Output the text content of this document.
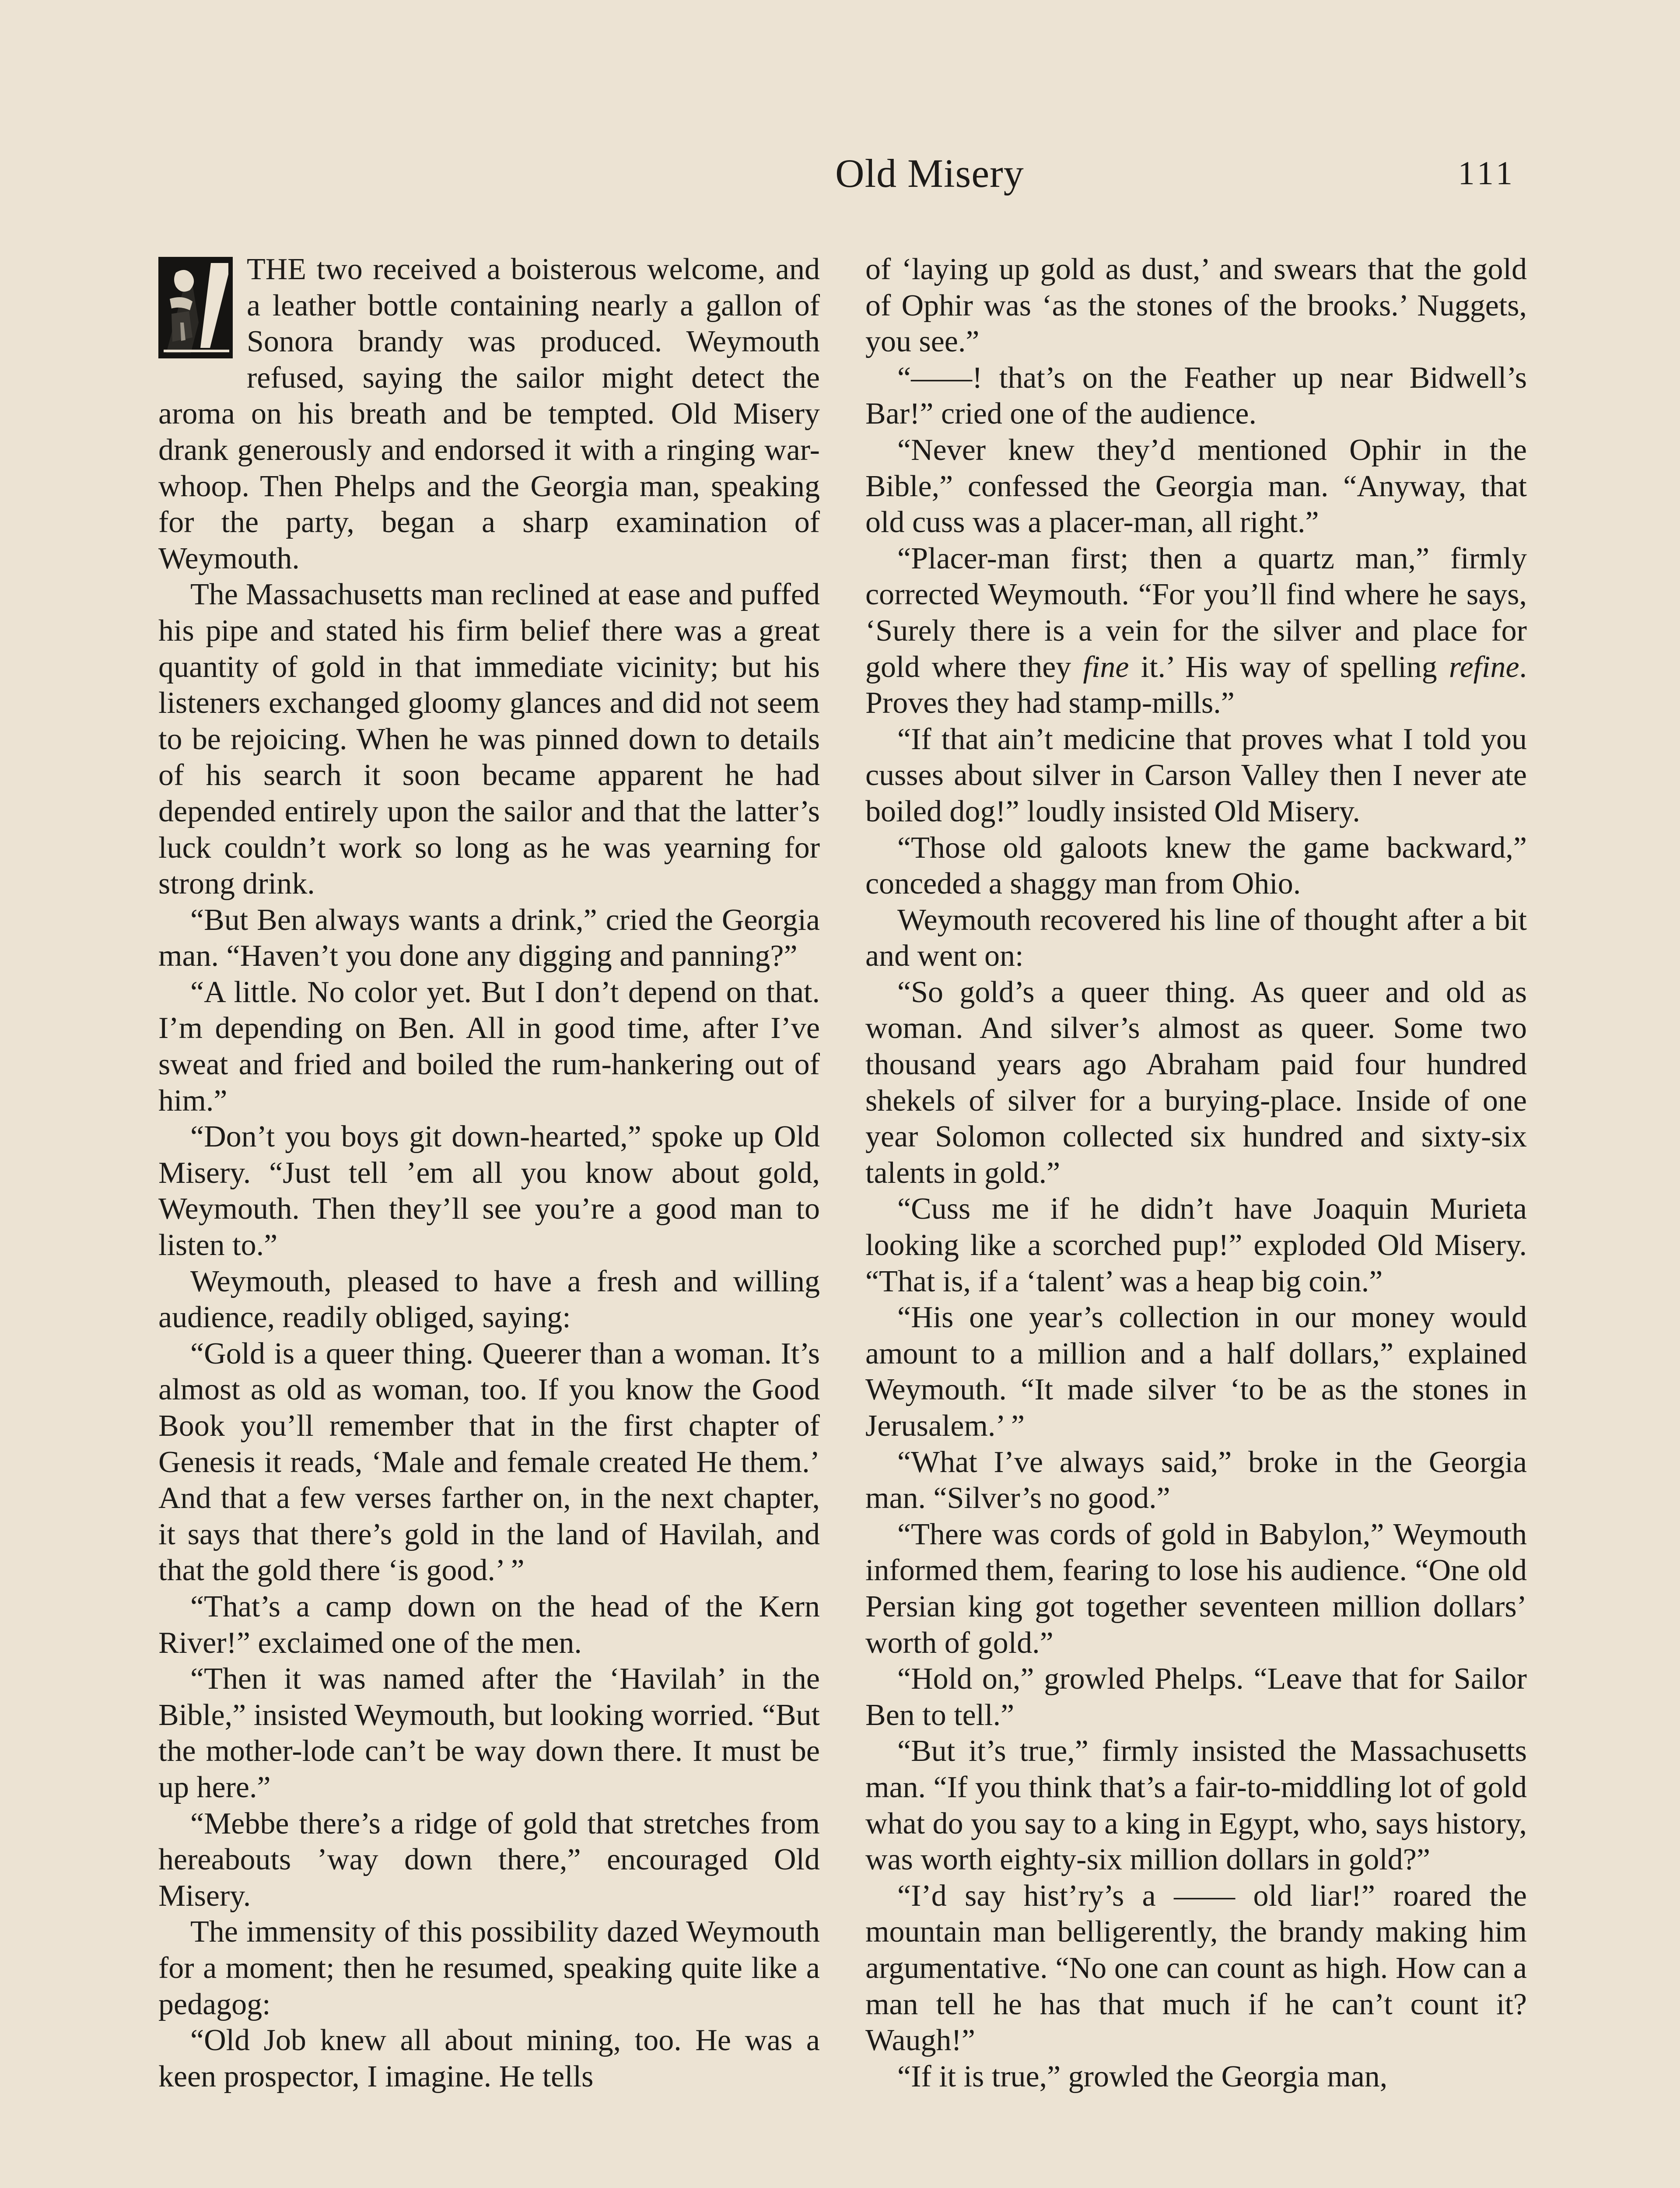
Old Misery	111

THE two received a boisterous welcome, and a leather bottle containing nearly a gallon of Sonora brandy was produced. Weymouth refused, saying the sailor might detect the aroma on his breath and be tempted. Old Misery drank generously and endorsed it with a ringing war-whoop. Then Phelps and the Georgia man, speaking for the party, began a sharp examination of Weymouth.

The Massachusetts man reclined at ease and puffed his pipe and stated his firm belief there was a great quantity of gold in that immediate vicinity; but his listeners exchanged gloomy glances and did not seem to be rejoicing. When he was pinned down to details of his search it soon became apparent he had depended entirely upon the sailor and that the latter’s luck couldn’t work so long as he was yearning for strong drink.

“But Ben always wants a drink,” cried the Georgia man. “Haven’t you done any digging and panning?”

“A little. No color yet. But I don’t depend on that. I’m depending on Ben. All in good time, after I’ve sweat and fried and boiled the rum-hankering out of him.”

“Don’t you boys git down-hearted,” spoke up Old Misery. “Just tell ’em all you know about gold, Weymouth. Then they’ll see you’re a good man to listen to.”

Weymouth, pleased to have a fresh and willing audience, readily obliged, saying:

“Gold is a queer thing. Queerer than a woman. It’s almost as old as woman, too. If you know the Good Book you’ll remember that in the first chapter of Genesis it reads, ‘Male and female created He them.’ And that a few verses farther on, in the next chapter, it says that there’s gold in the land of Havilah, and that the gold there ‘is good.’ ”

“That’s a camp down on the head of the Kern River!” exclaimed one of the men.

“Then it was named after the ‘Havilah’ in the Bible,” insisted Weymouth, but looking worried. “But the mother-lode can’t be way down there. It must be up here.”

“Mebbe there’s a ridge of gold that stretches from hereabouts ’way down there,” encouraged Old Misery.

The immensity of this possibility dazed Weymouth for a moment; then he resumed, speaking quite like a pedagog:

“Old Job knew all about mining, too. He was a keen prospector, I imagine. He tells

of ‘laying up gold as dust,’ and swears that the gold of Ophir was ‘as the stones of the brooks.’ Nuggets, you see.”

“——! that’s on the Feather up near Bidwell’s Bar!” cried one of the audience.

“Never knew they’d mentioned Ophir in the Bible,” confessed the Georgia man. “Anyway, that old cuss was a placer-man, all right.”

“Placer-man first; then a quartz man,” firmly corrected Weymouth. “For you’ll find where he says, ‘Surely there is a vein for the silver and place for gold where they fine it.’ His way of spelling refine. Proves they had stamp-mills.”

“If that ain’t medicine that proves what I told you cusses about silver in Carson Valley then I never ate boiled dog!” loudly insisted Old Misery.

“Those old galoots knew the game backward,” conceded a shaggy man from Ohio.

Weymouth recovered his line of thought after a bit and went on:

“So gold’s a queer thing. As queer and old as woman. And silver’s almost as queer. Some two thousand years ago Abraham paid four hundred shekels of silver for a burying-place. Inside of one year Solomon collected six hundred and sixty-six talents in gold.”

“Cuss me if he didn’t have Joaquin Murieta looking like a scorched pup!” exploded Old Misery. “That is, if a ‘talent’ was a heap big coin.”

“His one year’s collection in our money would amount to a million and a half dollars,” explained Weymouth. “It made silver ‘to be as the stones in Jerusalem.’ ”

“What I’ve always said,” broke in the Georgia man. “Silver’s no good.”

“There was cords of gold in Babylon,” Weymouth informed them, fearing to lose his audience. “One old Persian king got together seventeen million dollars’ worth of gold.”

“Hold on,” growled Phelps. “Leave that for Sailor Ben to tell.”

“But it’s true,” firmly insisted the Massachusetts man. “If you think that’s a fair-to-middling lot of gold what do you say to a king in Egypt, who, says history, was worth eighty-six million dollars in gold?”

“I’d say hist’ry’s a —— old liar!” roared the mountain man belligerently, the brandy making him argumentative. “No one can count as high. How can a man tell he has that much if he can’t count it? Waugh!”

“If it is true,” growled the Georgia man,
